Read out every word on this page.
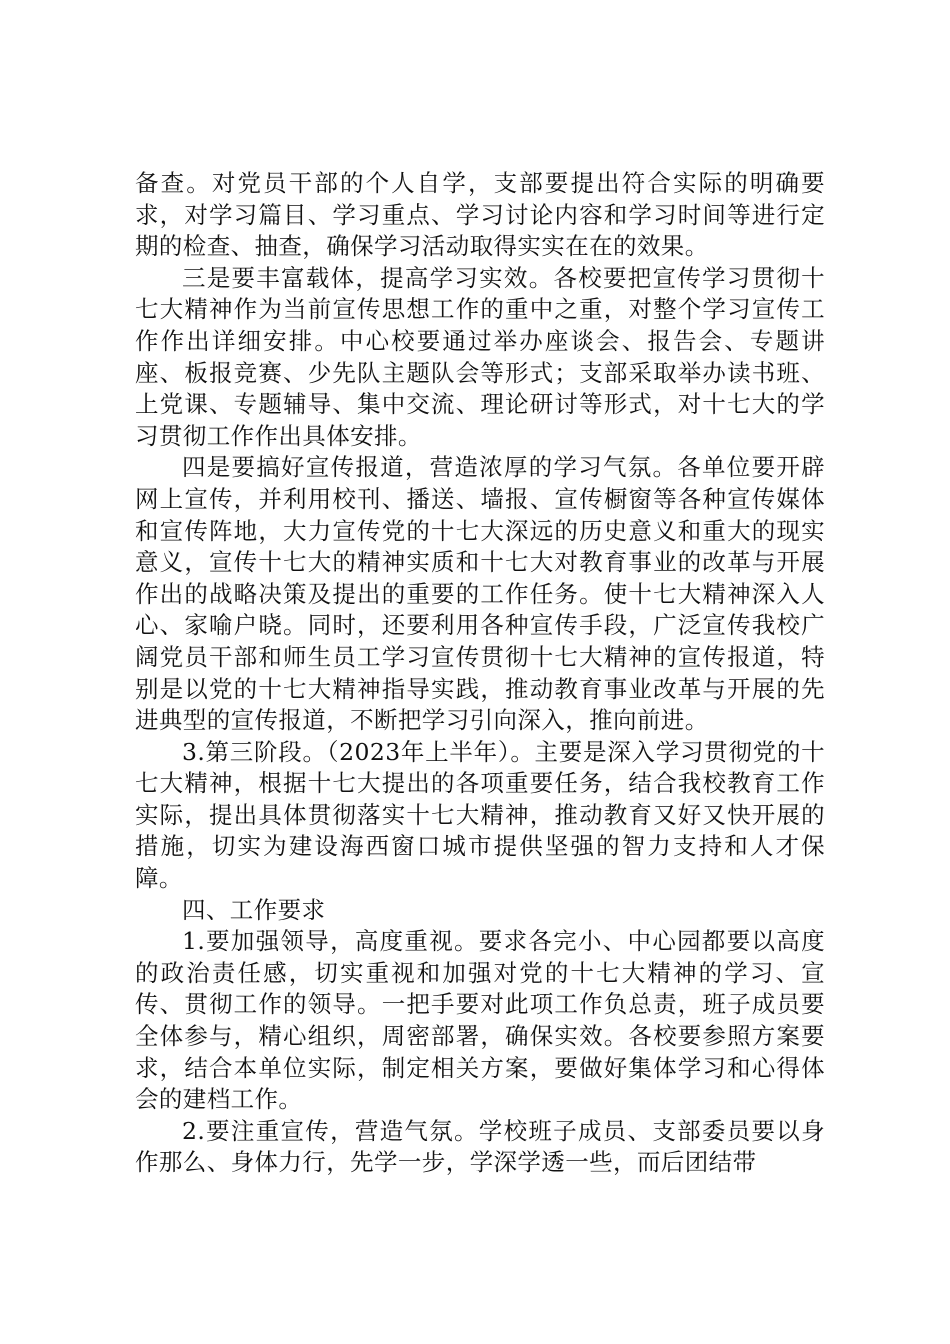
备查。对党员干部的个人自学，支部要提出符合实际的明确要求，对学习篇目、学习重点、学习讨论内容和学习时间等进行定期的检查、抽查，确保学习活动取得实实在在的效果。

三是要丰富载体，提高学习实效。各校要把宣传学习贯彻十七大精神作为当前宣传思想工作的重中之重，对整个学习宣传工作作出详细安排。中心校要通过举办座谈会、报告会、专题讲座、板报竞赛、少先队主题队会等形式；支部采取举办读书班、上党课、专题辅导、集中交流、理论研讨等形式，对十七大的学习贯彻工作作出具体安排。

四是要搞好宣传报道，营造浓厚的学习气氛。各单位要开辟网上宣传，并利用校刊、播送、墙报、宣传橱窗等各种宣传媒体和宣传阵地，大力宣传党的十七大深远的历史意义和重大的现实意义，宣传十七大的精神实质和十七大对教育事业的改革与开展作出的战略决策及提出的重要的工作任务。使十七大精神深入人心、家喻户晓。同时，还要利用各种宣传手段，广泛宣传我校广阔党员干部和师生员工学习宣传贯彻十七大精神的宣传报道，特别是以党的十七大精神指导实践，推动教育事业改革与开展的先进典型的宣传报道，不断把学习引向深入，推向前进。

3.第三阶段。（2023年上半年）。主要是深入学习贯彻党的十七大精神，根据十七大提出的各项重要任务，结合我校教育工作实际，提出具体贯彻落实十七大精神，推动教育又好又快开展的措施，切实为建设海西窗口城市提供坚强的智力支持和人才保障。

四、工作要求

1.要加强领导，高度重视。要求各完小、中心园都要以高度的政治责任感，切实重视和加强对党的十七大精神的学习、宣传、贯彻工作的领导。一把手要对此项工作负总责，班子成员要全体参与，精心组织，周密部署，确保实效。各校要参照方案要求，结合本单位实际，制定相关方案，要做好集体学习和心得体会的建档工作。

2.要注重宣传，营造气氛。学校班子成员、支部委员要以身作那么、身体力行，先学一步，学深学透一些，而后团结带
